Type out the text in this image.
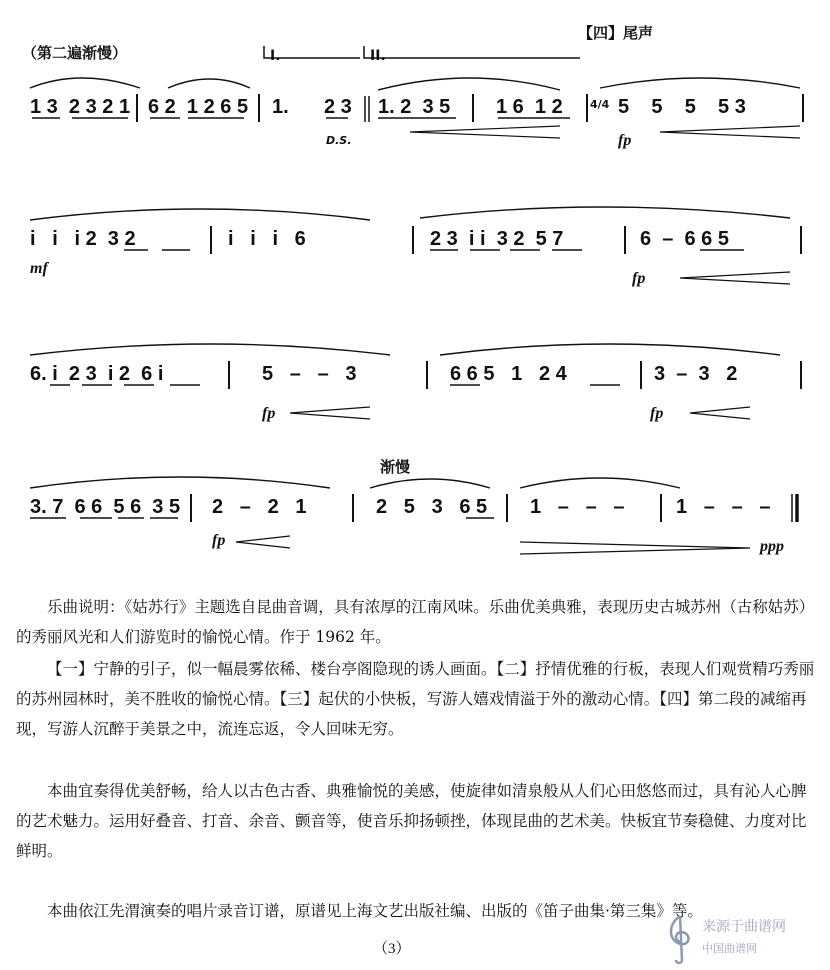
（第二遍渐慢）
【四】尾声
I.	II.
1 3  2 3 2 1 6 2  1 2 6 5 1. 2 3
D.S.
1. 2  3 5 1 6  1 2 4/4 5    5    5    5 3
fp
i   i   i 2  3 2	i   i   i   6	2 3  i i  3 2  5 7	6  –  6 6 5
mf
fp
6. i  2 3  i 2  6 i	5   –   –   3	6 6 5   1   2 4	3  –  3   2
fp	fp
渐慢
3. 7  6 6  5 6  3 5 2   –   2   1	2   5   3   6 5 1   –   –   –	1   –   –   –
fp	ppp

乐曲说明：《姑苏行》主题选自昆曲音调，具有浓厚的江南风味。乐曲优美典雅，表现历史古城苏州（古称姑苏）的秀丽风光和人们游览时的愉悦心情。作于 1962 年。

【一】宁静的引子，似一幅晨雾依稀、楼台亭阁隐现的诱人画面。【二】抒情优雅的行板，表现人们观赏精巧秀丽的苏州园林时，美不胜收的愉悦心情。【三】起伏的小快板，写游人嬉戏情溢于外的激动心情。【四】第二段的减缩再现，写游人沉醉于美景之中，流连忘返，令人回味无穷。

本曲宜奏得优美舒畅，给人以古色古香、典雅愉悦的美感，使旋律如清泉般从人们心田悠悠而过，具有沁人心脾的艺术魅力。运用好叠音、打音、余音、颤音等，使音乐抑扬顿挫，体现昆曲的艺术美。快板宜节奏稳健、力度对比鲜明。

本曲依江先渭演奏的唱片录音订谱，原谱见上海文艺出版社编、出版的《笛子曲集·第三集》等。

（3）
来源于曲谱网
中国曲谱网
